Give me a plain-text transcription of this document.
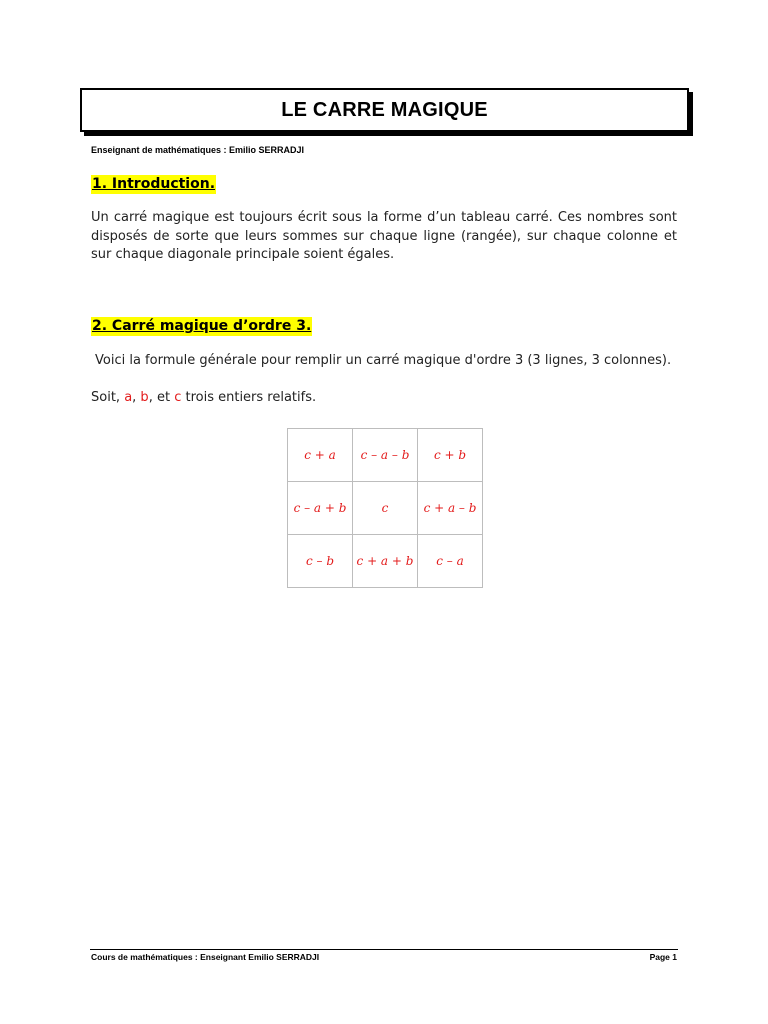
LE CARRE MAGIQUE
Enseignant de mathématiques : Emilio SERRADJI
1. Introduction.
Un carré magique est toujours écrit sous la forme d’un tableau carré. Ces nombres sont disposés de sorte que leurs sommes sur chaque ligne (rangée), sur chaque colonne et sur chaque diagonale principale soient égales.
2. Carré magique d’ordre 3.
Voici la formule générale pour remplir un carré magique d'ordre 3 (3 lignes, 3 colonnes).
Soit, a, b, et c trois entiers relatifs.
c + a	c – a – b	c + b
c – a + b	c	c + a – b
c – b	c + a + b	c – a
Cours de mathématiques : Enseignant Emilio SERRADJI	Page 1
